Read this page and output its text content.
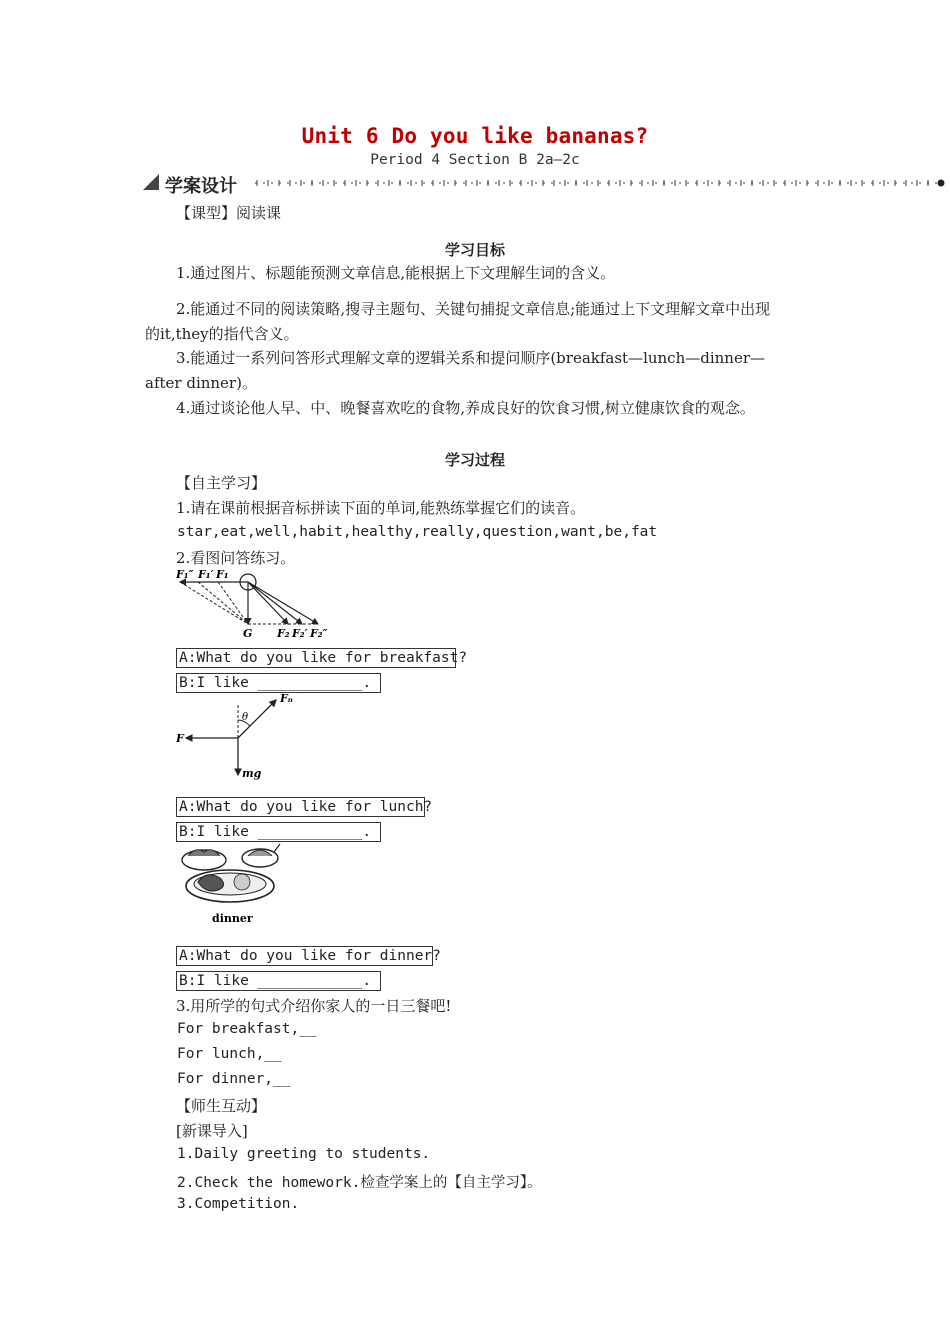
Unit 6 Do you like bananas?
Period 4 Section B 2a—2c
学案设计
【课型】阅读课
学习目标
1.通过图片、标题能预测文章信息,能根据上下文理解生词的含义。
2.能通过不同的阅读策略,搜寻主题句、关键句捕捉文章信息;能通过上下文理解文章中出现的it,they的指代含义。
3.能通过一系列问答形式理解文章的逻辑关系和提问顺序(breakfast—lunch—dinner—after dinner)。
4.通过谈论他人早、中、晚餐喜欢吃的食物,养成良好的饮食习惯,树立健康饮食的观念。
学习过程
【自主学习】
1.请在课前根据音标拼读下面的单词,能熟练掌握它们的读音。
star,eat,well,habit,healthy,really,question,want,be,fat
2.看图问答练习。
F₁″ F₁′ F₁
G F₂ F₂′ F₂″
A:What do you like for breakfast?
B:I like ____________.
Fₙ
θ
F
mg
A:What do you like for lunch?
B:I like ____________.
dinner
A:What do you like for dinner?
B:I like ____________.
3.用所学的句式介绍你家人的一日三餐吧!
For breakfast,__
For lunch,__
For dinner,__
【师生互动】
[新课导入]
1.Daily greeting to students.
2.Check the homework.检查学案上的【自主学习】。
3.Competition.
